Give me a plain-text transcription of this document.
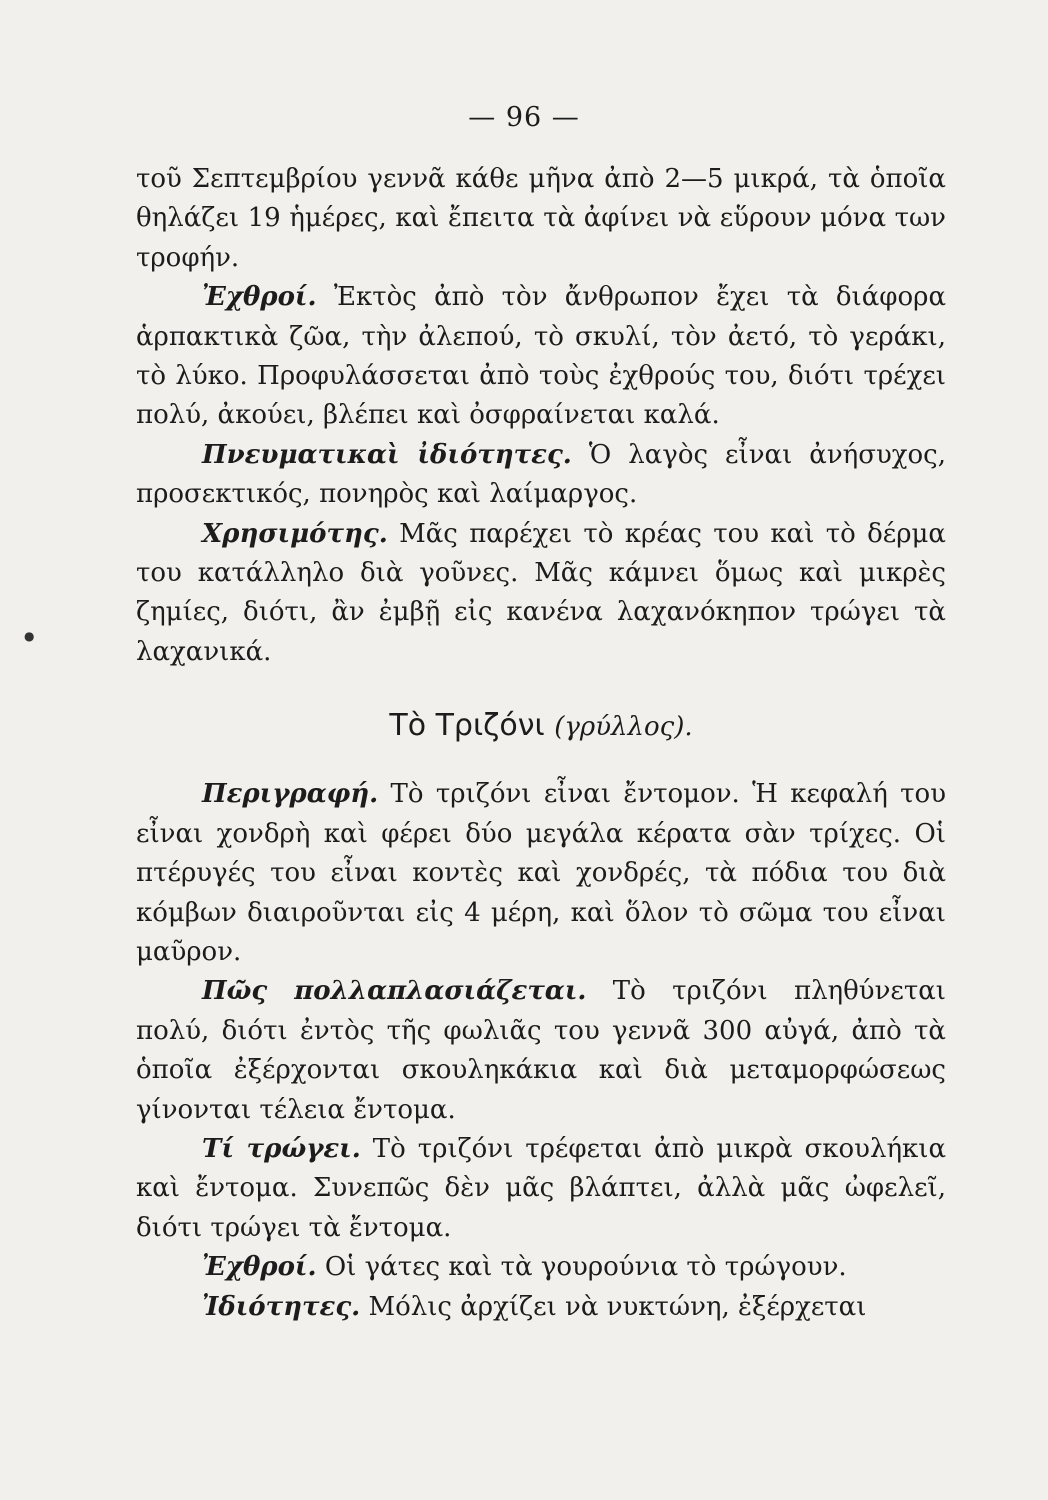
— 96 —
●

τοῦ Σεπτεμβρίου γεννᾶ κάθε μῆνα ἀπὸ 2—5 μικρά, τὰ ὁποῖα θηλάζει 19 ἡμέρες, καὶ ἔπειτα τὰ ἀφίνει νὰ εὕρουν μόνα των τροφήν.

Ἐχθροί. Ἐκτὸς ἀπὸ τὸν ἄνθρωπον ἔχει τὰ διάφορα ἁρπακτικὰ ζῶα, τὴν ἀλεπού, τὸ σκυλί, τὸν ἀετό, τὸ γεράκι, τὸ λύκο. Προφυλάσσεται ἀπὸ τοὺς ἐχθρούς του, διότι τρέχει πολύ, ἀκούει, βλέπει καὶ ὀσφραίνεται καλά.

Πνευματικαὶ ἰδιότητες. Ὁ λαγὸς εἶναι ἀνήσυχος, προσεκτικός, πονηρὸς καὶ λαίμαργος.

Χρησιμότης. Μᾶς παρέχει τὸ κρέας του καὶ τὸ δέρμα του κατάλληλο διὰ γοῦνες. Μᾶς κάμνει ὅμως καὶ μικρὲς ζημίες, διότι, ἂν ἐμβῇ εἰς κανένα λαχανόκηπον τρώγει τὰ λαχανικά.

Τὸ Τριζόνι (γρύλλος).

Περιγραφή. Τὸ τριζόνι εἶναι ἔντομον. Ἡ κεφαλή του εἶναι χονδρὴ καὶ φέρει δύο μεγάλα κέρατα σὰν τρίχες. Οἱ πτέρυγές του εἶναι κοντὲς καὶ χονδρές, τὰ πόδια του διὰ κόμβων διαιροῦνται εἰς 4 μέρη, καὶ ὅλον τὸ σῶμα του εἶναι μαῦρον.

Πῶς πολλαπλασιάζεται. Τὸ τριζόνι πληθύνεται πολύ, διότι ἐντὸς τῆς φωλιᾶς του γεννᾶ 300 αὐγά, ἀπὸ τὰ ὁποῖα ἐξέρχονται σκουληκάκια καὶ διὰ μεταμορφώσεως γίνονται τέλεια ἔντομα.

Τί τρώγει. Τὸ τριζόνι τρέφεται ἀπὸ μικρὰ σκουλήκια καὶ ἔντομα. Συνεπῶς δὲν μᾶς βλάπτει, ἀλλὰ μᾶς ὠφελεῖ, διότι τρώγει τὰ ἔντομα.

Ἐχθροί. Οἱ γάτες καὶ τὰ γουρούνια τὸ τρώγουν.

Ἰδιότητες. Μόλις ἀρχίζει νὰ νυκτώνη, ἐξέρχεται
